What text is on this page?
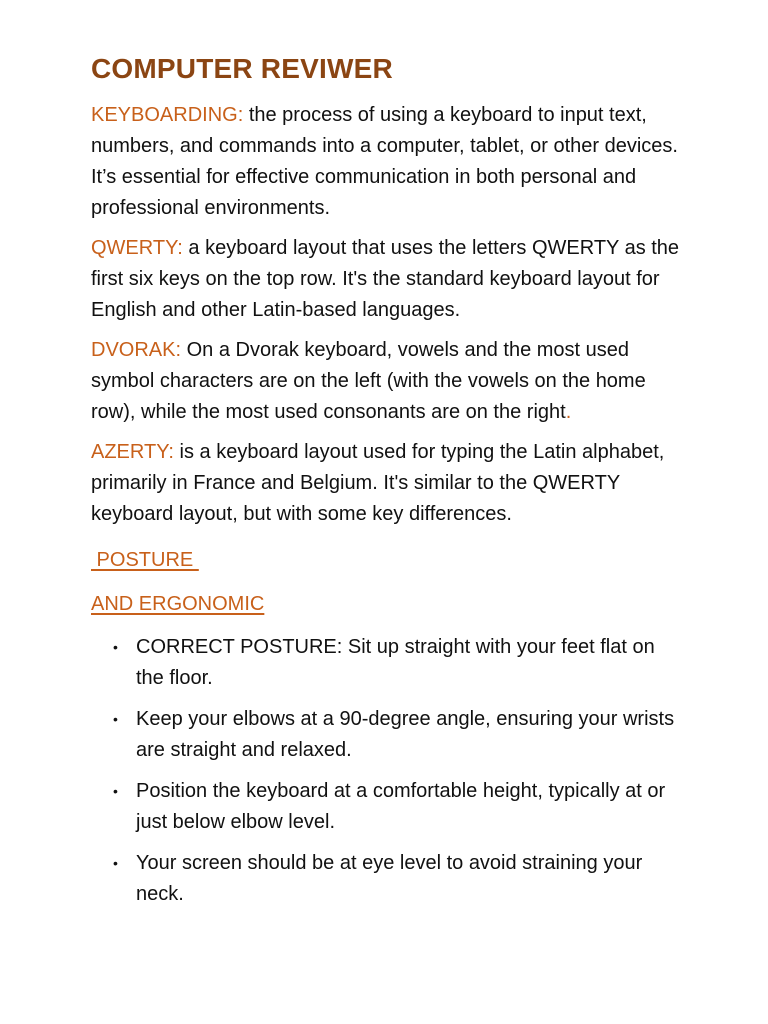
COMPUTER REVIWER

KEYBOARDING: the process of using a keyboard to input text, numbers, and commands into a computer, tablet, or other devices. It’s essential for effective communication in both personal and professional environments.

QWERTY: a keyboard layout that uses the letters QWERTY as the first six keys on the top row. It's the standard keyboard layout for English and other Latin-based languages.

DVORAK: On a Dvorak keyboard, vowels and the most used symbol characters are on the left (with the vowels on the home row), while the most used consonants are on the right.

AZERTY: is a keyboard layout used for typing the Latin alphabet, primarily in France and Belgium. It's similar to the QWERTY keyboard layout, but with some key differences.

POSTURE

AND ERGONOMIC

• CORRECT POSTURE: Sit up straight with your feet flat on the floor.
• Keep your elbows at a 90-degree angle, ensuring your wrists are straight and relaxed.
• Position the keyboard at a comfortable height, typically at or just below elbow level.
• Your screen should be at eye level to avoid straining your neck.
